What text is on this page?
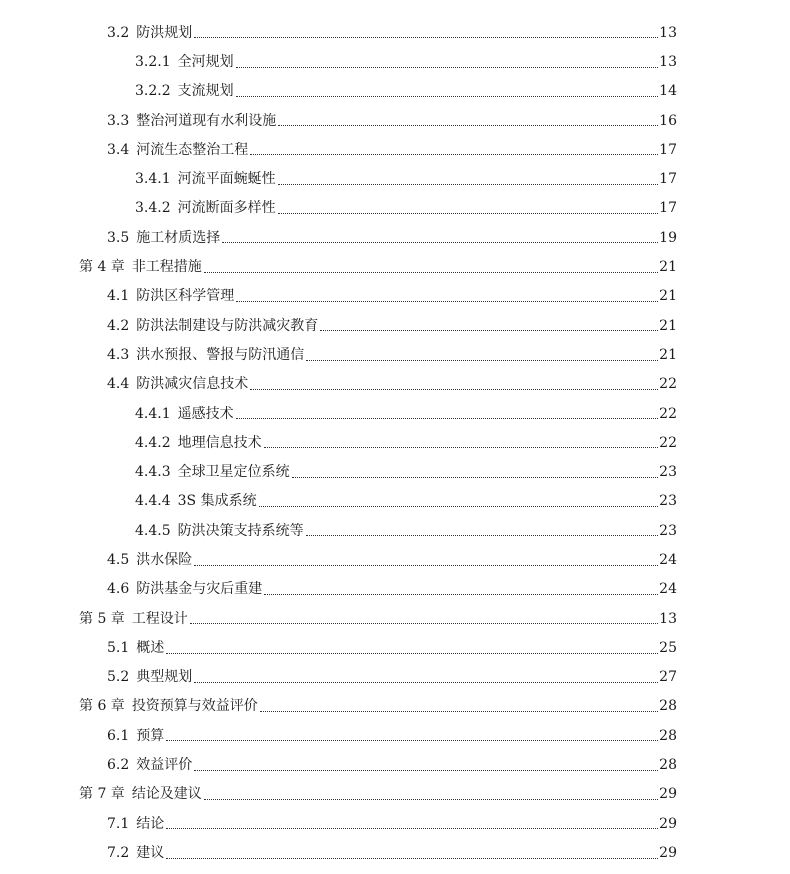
3.2 防洪规划	13
3.2.1 全河规划	13
3.2.2 支流规划	14
3.3 整治河道现有水利设施	16
3.4 河流生态整治工程	17
3.4.1 河流平面蜿蜒性	17
3.4.2 河流断面多样性	17
3.5 施工材质选择	19
第 4 章 非工程措施	21
4.1 防洪区科学管理	21
4.2 防洪法制建设与防洪减灾教育	21
4.3 洪水预报、警报与防汛通信	21
4.4 防洪减灾信息技术	22
4.4.1 遥感技术	22
4.4.2 地理信息技术	22
4.4.3 全球卫星定位系统	23
4.4.4 3S 集成系统	23
4.4.5 防洪决策支持系统等	23
4.5 洪水保险	24
4.6 防洪基金与灾后重建	24
第 5 章 工程设计	13
5.1 概述	25
5.2 典型规划	27
第 6 章 投资预算与效益评价	28
6.1 预算	28
6.2 效益评价	28
第 7 章 结论及建议	29
7.1 结论	29
7.2 建议	29
